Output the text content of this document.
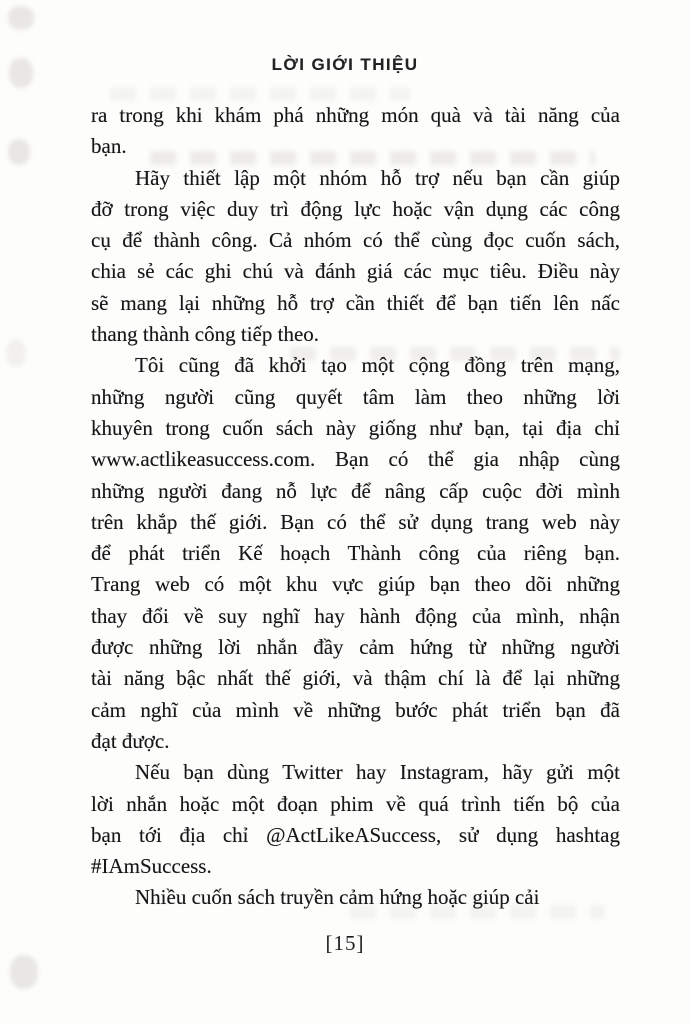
LỜI GIỚI THIỆU
ra trong khi khám phá những món quà và tài năng của
bạn.
Hãy thiết lập một nhóm hỗ trợ nếu bạn cần giúp
đỡ trong việc duy trì động lực hoặc vận dụng các công
cụ để thành công. Cả nhóm có thể cùng đọc cuốn sách,
chia sẻ các ghi chú và đánh giá các mục tiêu. Điều này
sẽ mang lại những hỗ trợ cần thiết để bạn tiến lên nấc
thang thành công tiếp theo.
Tôi cũng đã khởi tạo một cộng đồng trên mạng,
những người cũng quyết tâm làm theo những lời
khuyên trong cuốn sách này giống như bạn, tại địa chỉ
www.actlikeasuccess.com. Bạn có thể gia nhập cùng
những người đang nỗ lực để nâng cấp cuộc đời mình
trên khắp thế giới. Bạn có thể sử dụng trang web này
để phát triển Kế hoạch Thành công của riêng bạn.
Trang web có một khu vực giúp bạn theo dõi những
thay đổi về suy nghĩ hay hành động của mình, nhận
được những lời nhắn đầy cảm hứng từ những người
tài năng bậc nhất thế giới, và thậm chí là để lại những
cảm nghĩ của mình về những bước phát triển bạn đã
đạt được.
Nếu bạn dùng Twitter hay Instagram, hãy gửi một
lời nhắn hoặc một đoạn phim về quá trình tiến bộ của
bạn tới địa chỉ @ActLikeASuccess, sử dụng hashtag
#IAmSuccess.
Nhiều cuốn sách truyền cảm hứng hoặc giúp cải
[15]
